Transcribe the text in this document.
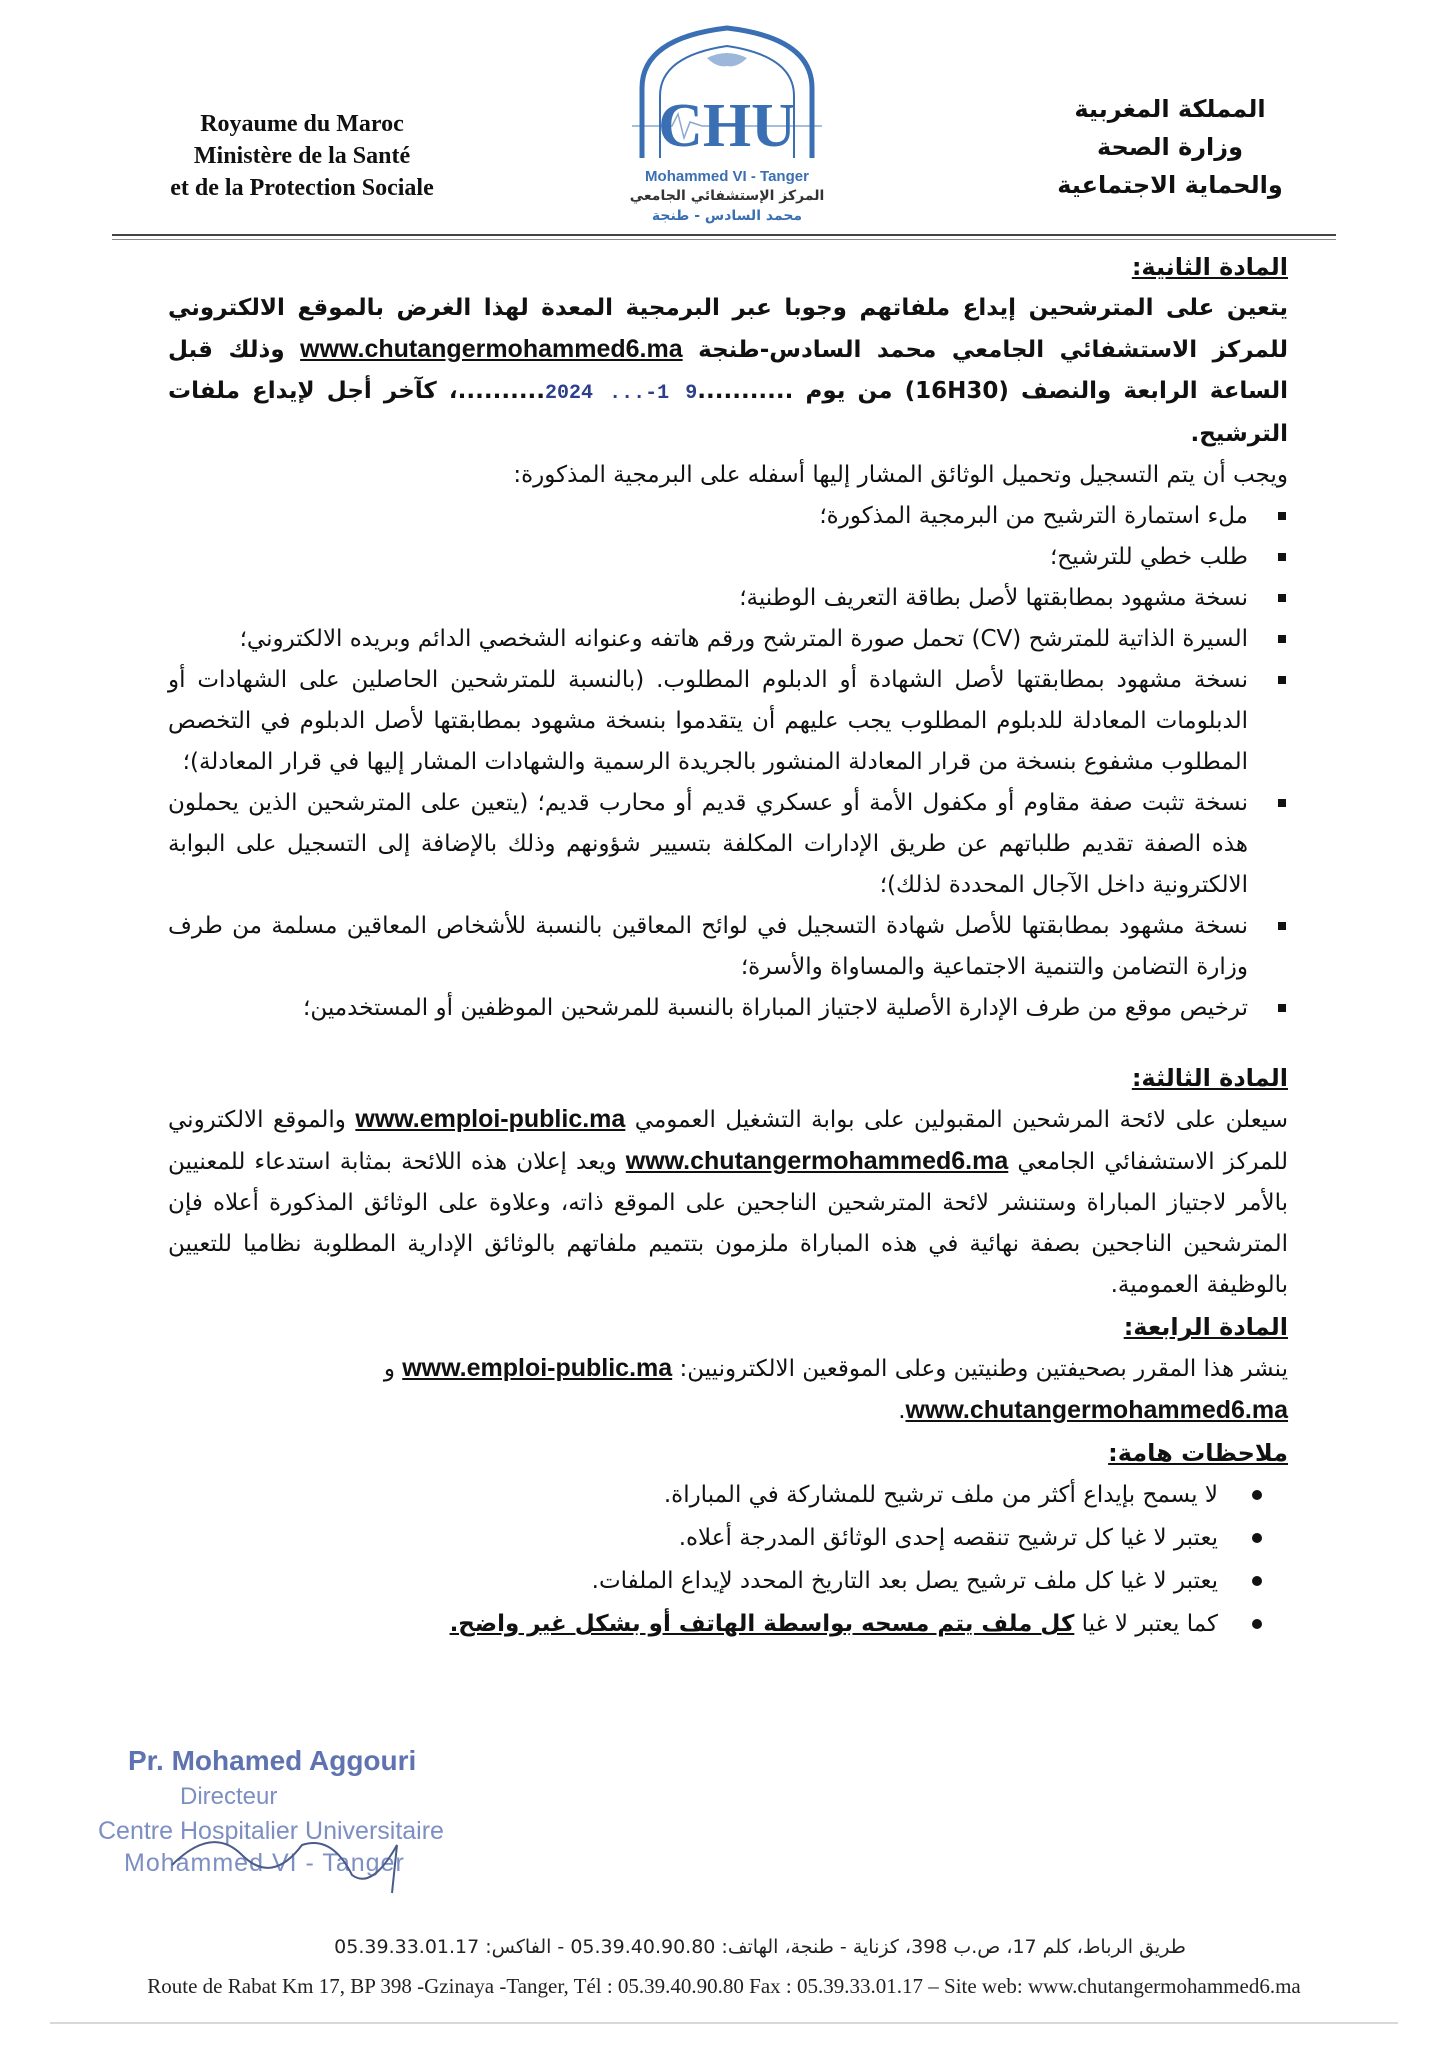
Royaume du Maroc
Ministère de la Santé
et de la Protection Sociale
CHU
Mohammed VI - Tanger
المركز الإستشفائي الجامعي
محمد السادس - طنجة
المملكة المغربية
وزارة الصحة
والحماية الاجتماعية

المادة الثانية:

يتعين على المترشحين إيداع ملفاتهم وجوبا عبر البرمجية المعدة لهذا الغرض بالموقع الالكتروني للمركز الاستشفائي الجامعي محمد السادس-طنجة www.chutangermohammed6.ma وذلك قبل الساعة الرابعة والنصف (16H30) من يوم ...........2024 ...-1 9..........، كآخر أجل لإيداع ملفات الترشيح.

ويجب أن يتم التسجيل وتحميل الوثائق المشار إليها أسفله على البرمجية المذكورة:

ملء استمارة الترشيح من البرمجية المذكورة؛
طلب خطي للترشيح؛
نسخة مشهود بمطابقتها لأصل بطاقة التعريف الوطنية؛
السيرة الذاتية للمترشح (CV) تحمل صورة المترشح ورقم هاتفه وعنوانه الشخصي الدائم وبريده الالكتروني؛
نسخة مشهود بمطابقتها لأصل الشهادة أو الدبلوم المطلوب. (بالنسبة للمترشحين الحاصلين على الشهادات أو الدبلومات المعادلة للدبلوم المطلوب يجب عليهم أن يتقدموا بنسخة مشهود بمطابقتها لأصل الدبلوم في التخصص المطلوب مشفوع بنسخة من قرار المعادلة المنشور بالجريدة الرسمية والشهادات المشار إليها في قرار المعادلة)؛
نسخة تثبت صفة مقاوم أو مكفول الأمة أو عسكري قديم أو محارب قديم؛ (يتعين على المترشحين الذين يحملون هذه الصفة تقديم طلباتهم عن طريق الإدارات المكلفة بتسيير شؤونهم وذلك بالإضافة إلى التسجيل على البوابة الالكترونية داخل الآجال المحددة لذلك)؛
نسخة مشهود بمطابقتها للأصل شهادة التسجيل في لوائح المعاقين بالنسبة للأشخاص المعاقين مسلمة من طرف وزارة التضامن والتنمية الاجتماعية والمساواة والأسرة؛
ترخيص موقع من طرف الإدارة الأصلية لاجتياز المباراة بالنسبة للمرشحين الموظفين أو المستخدمين؛

المادة الثالثة:

سيعلن على لائحة المرشحين المقبولين على بوابة التشغيل العمومي www.emploi-public.ma والموقع الالكتروني للمركز الاستشفائي الجامعي www.chutangermohammed6.ma ويعد إعلان هذه اللائحة بمثابة استدعاء للمعنيين بالأمر لاجتياز المباراة وستنشر لائحة المترشحين الناجحين على الموقع ذاته، وعلاوة على الوثائق المذكورة أعلاه فإن المترشحين الناجحين بصفة نهائية في هذه المباراة ملزمون بتتميم ملفاتهم بالوثائق الإدارية المطلوبة نظاميا للتعيين بالوظيفة العمومية.

المادة الرابعة:

ينشر هذا المقرر بصحيفتين وطنيتين وعلى الموقعين الالكترونيين: www.emploi-public.ma و
www.chutangermohammed6.ma.

ملاحظات هامة:

لا يسمح بإيداع أكثر من ملف ترشيح للمشاركة في المباراة.
يعتبر لا غيا كل ترشيح تنقصه إحدى الوثائق المدرجة أعلاه.
يعتبر لا غيا كل ملف ترشيح يصل بعد التاريخ المحدد لإيداع الملفات.
كما يعتبر لا غيا كل ملف يتم مسحه بواسطة الهاتف أو بشكل غير واضح.
Pr. Mohamed Aggouri
Directeur
Centre Hospitalier Universitaire
Mohammed VI - Tanger
طريق الرباط، كلم 17، ص.ب 398، كزناية - طنجة، الهاتف: 05.39.40.90.80 - الفاكس: 05.39.33.01.17
Route de Rabat Km 17, BP 398 -Gzinaya -Tanger, Tél : 05.39.40.90.80 Fax : 05.39.33.01.17 – Site web: www.chutangermohammed6.ma
